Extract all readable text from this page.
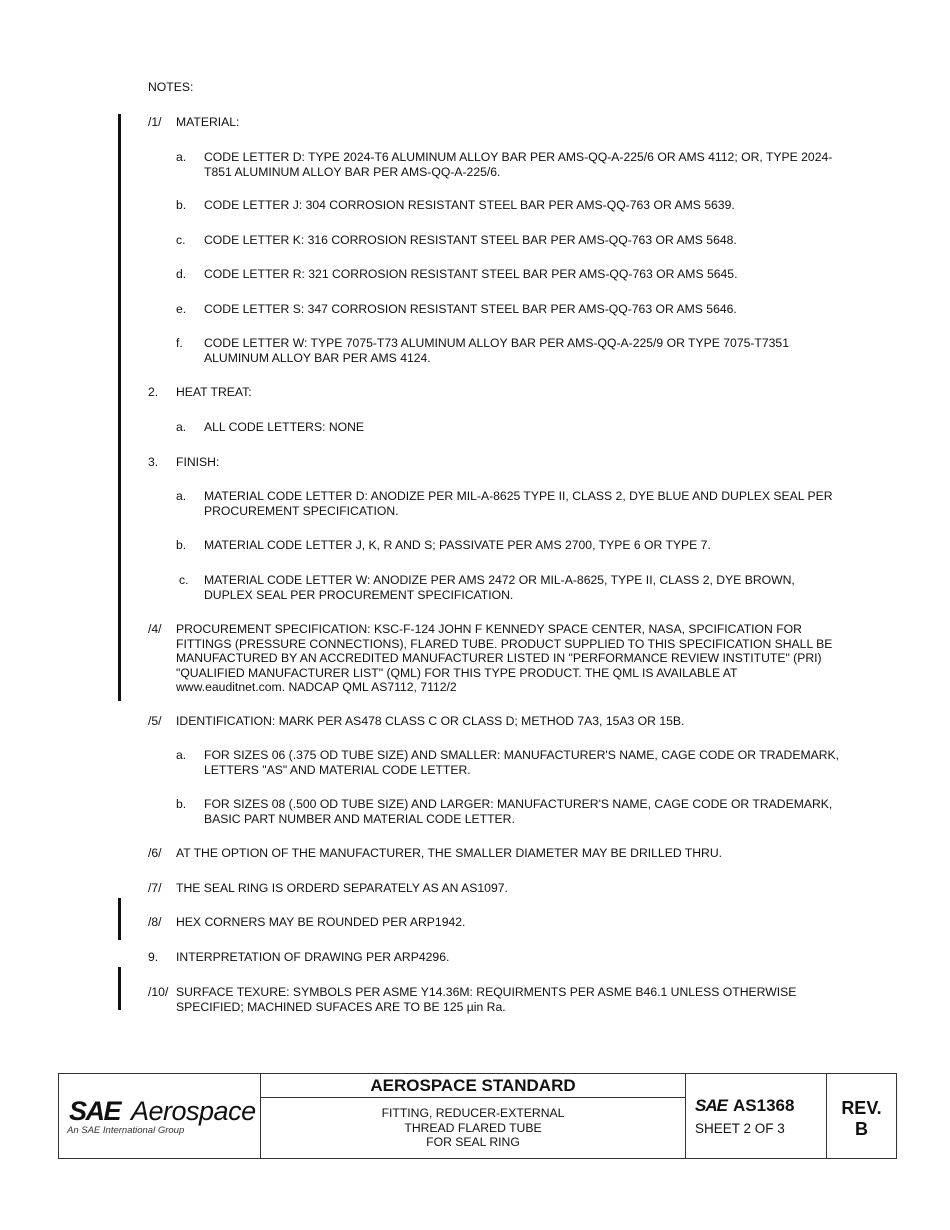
NOTES:
/1/ MATERIAL:
a. CODE LETTER D: TYPE 2024-T6 ALUMINUM ALLOY BAR PER AMS-QQ-A-225/6 OR AMS 4112; OR, TYPE 2024-T851 ALUMINUM ALLOY BAR PER AMS-QQ-A-225/6.
b. CODE LETTER J: 304 CORROSION RESISTANT STEEL BAR PER AMS-QQ-763 OR AMS 5639.
c. CODE LETTER K: 316 CORROSION RESISTANT STEEL BAR PER AMS-QQ-763 OR AMS 5648.
d. CODE LETTER R: 321 CORROSION RESISTANT STEEL BAR PER AMS-QQ-763 OR AMS 5645.
e. CODE LETTER S: 347 CORROSION RESISTANT STEEL BAR PER AMS-QQ-763 OR AMS 5646.
f. CODE LETTER W: TYPE 7075-T73 ALUMINUM ALLOY BAR PER AMS-QQ-A-225/9 OR TYPE 7075-T7351 ALUMINUM ALLOY BAR PER AMS 4124.
2. HEAT TREAT:
a. ALL CODE LETTERS: NONE
3. FINISH:
a. MATERIAL CODE LETTER D: ANODIZE PER MIL-A-8625 TYPE II, CLASS 2, DYE BLUE AND DUPLEX SEAL PER PROCUREMENT SPECIFICATION.
b. MATERIAL CODE LETTER J, K, R AND S; PASSIVATE PER AMS 2700, TYPE 6 OR TYPE 7.
c. MATERIAL CODE LETTER W: ANODIZE PER AMS 2472 OR MIL-A-8625, TYPE II, CLASS 2, DYE BROWN, DUPLEX SEAL PER PROCUREMENT SPECIFICATION.
/4/ PROCUREMENT SPECIFICATION: KSC-F-124 JOHN F KENNEDY SPACE CENTER, NASA, SPCIFICATION FOR FITTINGS (PRESSURE CONNECTIONS), FLARED TUBE. PRODUCT SUPPLIED TO THIS SPECIFICATION SHALL BE MANUFACTURED BY AN ACCREDITED MANUFACTURER LISTED IN "PERFORMANCE REVIEW INSTITUTE" (PRI) "QUALIFIED MANUFACTURER LIST" (QML) FOR THIS TYPE PRODUCT. THE QML IS AVAILABLE AT www.eauditnet.com. NADCAP QML AS7112, 7112/2
/5/ IDENTIFICATION: MARK PER AS478 CLASS C OR CLASS D; METHOD 7A3, 15A3 OR 15B.
a. FOR SIZES 06 (.375 OD TUBE SIZE) AND SMALLER: MANUFACTURER'S NAME, CAGE CODE OR TRADEMARK, LETTERS "AS" AND MATERIAL CODE LETTER.
b. FOR SIZES 08 (.500 OD TUBE SIZE) AND LARGER: MANUFACTURER'S NAME, CAGE CODE OR TRADEMARK, BASIC PART NUMBER AND MATERIAL CODE LETTER.
/6/ AT THE OPTION OF THE MANUFACTURER, THE SMALLER DIAMETER MAY BE DRILLED THRU.
/7/ THE SEAL RING IS ORDERD SEPARATELY AS AN AS1097.
/8/ HEX CORNERS MAY BE ROUNDED PER ARP1942.
9. INTERPRETATION OF DRAWING PER ARP4296.
/10/ SURFACE TEXURE: SYMBOLS PER ASME Y14.36M: REQUIRMENTS PER ASME B46.1 UNLESS OTHERWISE SPECIFIED; MACHINED SUFACES ARE TO BE 125 µin Ra.
SAE Aerospace
An SAE International Group
AEROSPACE STANDARD
FITTING, REDUCER-EXTERNAL
THREAD FLARED TUBE
FOR SEAL RING
SAE AS1368
SHEET 2 OF 3
REV.
B
